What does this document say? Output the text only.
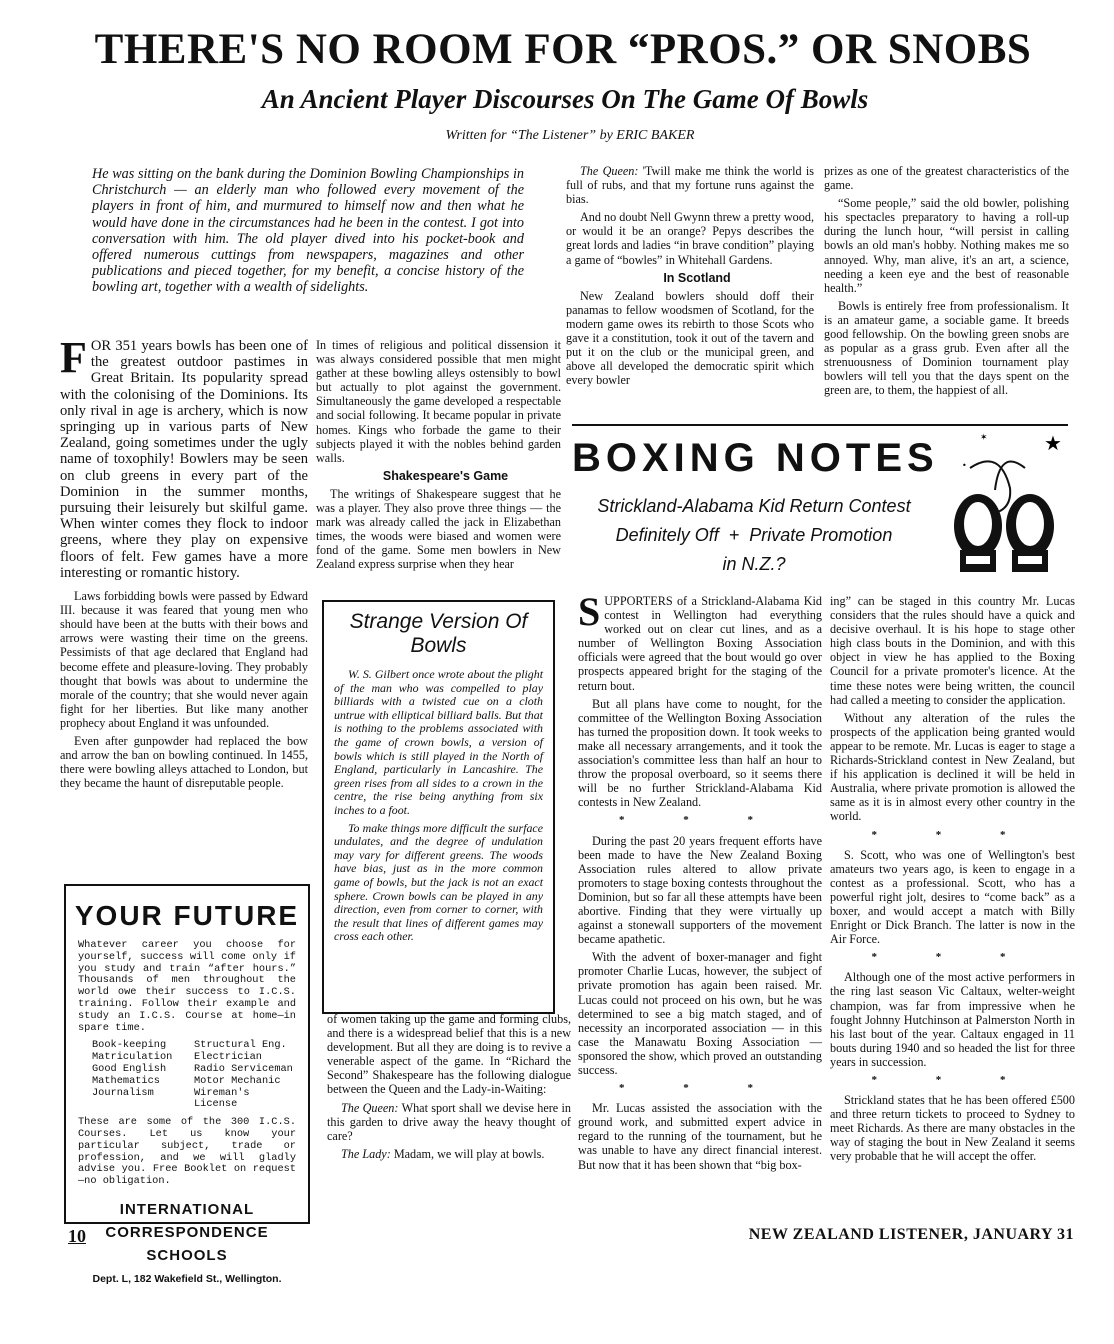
THERE'S NO ROOM FOR “PROS.” OR SNOBS
An Ancient Player Discourses On The Game Of Bowls
Written for “The Listener” by ERIC BAKER
He was sitting on the bank during the Dominion Bowling Championships in Christchurch — an elderly man who followed every movement of the players in front of him, and murmured to himself now and then what he would have done in the circumstances had he been in the contest. I got into conversation with him. The old player dived into his pocket-book and offered numerous cuttings from newspapers, magazines and other publications and pieced together, for my benefit, a concise history of the bowling art, together with a wealth of sidelights.

FOR 351 years bowls has been one of the greatest outdoor pastimes in Great Britain. Its popularity spread with the colonising of the Dominions. Its only rival in age is archery, which is now springing up in various parts of New Zealand, going sometimes under the ugly name of toxophily! Bowlers may be seen on club greens in every part of the Dominion in the summer months, pursuing their leisurely but skilful game. When winter comes they flock to indoor greens, where they play on expensive floors of felt. Few games have a more interesting or romantic history.

Laws forbidding bowls were passed by Edward III. because it was feared that young men who should have been at the butts with their bows and arrows were wasting their time on the greens. Pessimists of that age declared that England had become effete and pleasure-loving. They probably thought that bowls was about to undermine the morale of the country; that she would never again fight for her liberties. But like many another prophecy about England it was unfounded.

Even after gunpowder had replaced the bow and arrow the ban on bowling continued. In 1455, there were bowling alleys attached to London, but they became the haunt of disreputable people.

YOUR FUTURE
Whatever career you choose for yourself, success will come only if you study and train “after hours.” Thousands of men throughout the world owe their success to I.C.S. training. Follow their example and study an I.C.S. Course at home—in spare time.
Book-keeping	Structural Eng.
Matriculation	Electrician
Good English	Radio Serviceman
Mathematics	Motor Mechanic
Journalism	Wireman's License
These are some of the 300 I.C.S. Courses. Let us know your particular subject, trade or profession, and we will gladly advise you. Free Booklet on request—no obligation.
INTERNATIONAL
CORRESPONDENCE SCHOOLS
Dept. L, 182 Wakefield St., Wellington.

In times of religious and political dissension it was always considered possible that men might gather at these bowling alleys ostensibly to bowl but actually to plot against the government. Simultaneously the game developed a respectable and social following. It became popular in private homes. Kings who forbade the game to their subjects played it with the nobles behind garden walls.

Shakespeare's Game

The writings of Shakespeare suggest that he was a player. They also prove three things — the mark was already called the jack in Elizabethan times, the woods were biased and women were fond of the game. Some men bowlers in New Zealand express surprise when they hear

Strange Version Of Bowls

W. S. Gilbert once wrote about the plight of the man who was compelled to play billiards with a twisted cue on a cloth untrue with elliptical billiard balls. But that is nothing to the problems associated with the game of crown bowls, a version of bowls which is still played in the North of England, particularly in Lancashire. The green rises from all sides to a crown in the centre, the rise being anything from six inches to a foot.

To make things more difficult the surface undulates, and the degree of undulation may vary for different greens. The woods have bias, just as in the more common game of bowls, but the jack is not an exact sphere. Crown bowls can be played in any direction, even from corner to corner, with the result that lines of different games may cross each other.

of women taking up the game and forming clubs, and there is a widespread belief that this is a new development. But all they are doing is to revive a venerable aspect of the game. In “Richard the Second” Shakespeare has the following dialogue between the Queen and the Lady-in-Waiting:

The Queen: What sport shall we devise here in this garden to drive away the heavy thought of care?

The Lady: Madam, we will play at bowls.

The Queen: 'Twill make me think the world is full of rubs, and that my fortune runs against the bias.

And no doubt Nell Gwynn threw a pretty wood, or would it be an orange? Pepys describes the great lords and ladies “in brave condition” playing a game of “bowles” in Whitehall Gardens.

In Scotland

New Zealand bowlers should doff their panamas to fellow woodsmen of Scotland, for the modern game owes its rebirth to those Scots who gave it a constitution, took it out of the tavern and put it on the club or the municipal green, and above all developed the democratic spirit which every bowler

prizes as one of the greatest characteristics of the game.

“Some people,” said the old bowler, polishing his spectacles preparatory to having a roll-up during the lunch hour, “will persist in calling bowls an old man's hobby. Nothing makes me so annoyed. Why, man alive, it's an art, a science, needing a keen eye and the best of reasonable health.”

Bowls is entirely free from professionalism. It is an amateur game, a sociable game. It breeds good fellowship. On the bowling green snobs are as popular as a grass grub. Even after all the strenuousness of Dominion tournament play bowlers will tell you that the days spent on the green are, to them, the happiest of all.

BOXING NOTES
Strickland-Alabama Kid Return Contest
Definitely Off + Private Promotion
in N.Z.?
★
✶
•

SUPPORTERS of a Strickland-Alabama Kid contest in Wellington had everything worked out on clear cut lines, and as a number of Wellington Boxing Association officials were agreed that the bout would go over prospects appeared bright for the staging of the return bout.

But all plans have come to nought, for the committee of the Wellington Boxing Association has turned the proposition down. It took weeks to make all necessary arrangements, and it took the association's committee less than half an hour to throw the proposal overboard, so it seems there will be no further Strickland-Alabama Kid contests in New Zealand.

* * *

During the past 20 years frequent efforts have been made to have the New Zealand Boxing Association rules altered to allow private promoters to stage boxing contests throughout the Dominion, but so far all these attempts have been abortive. Finding that they were virtually up against a stonewall supporters of the movement became apathetic.

With the advent of boxer-manager and fight promoter Charlie Lucas, however, the subject of private promotion has again been raised. Mr. Lucas could not proceed on his own, but he was determined to see a big match staged, and of necessity an incorporated association — in this case the Manawatu Boxing Association — sponsored the show, which proved an outstanding success.

* * *

Mr. Lucas assisted the association with the ground work, and submitted expert advice in regard to the running of the tournament, but he was unable to have any direct financial interest. But now that it has been shown that “big box-

ing” can be staged in this country Mr. Lucas considers that the rules should have a quick and decisive overhaul. It is his hope to stage other high class bouts in the Dominion, and with this object in view he has applied to the Boxing Council for a private promoter's licence. At the time these notes were being written, the council had called a meeting to consider the application.

Without any alteration of the rules the prospects of the application being granted would appear to be remote. Mr. Lucas is eager to stage a Richards-Strickland contest in New Zealand, but if his application is declined it will be held in Australia, where private promotion is allowed the same as it is in almost every other country in the world.

* * *

S. Scott, who was one of Wellington's best amateurs two years ago, is keen to engage in a contest as a professional. Scott, who has a powerful right jolt, desires to “come back” as a boxer, and would accept a match with Billy Enright or Dick Branch. The latter is now in the Air Force.

* * *

Although one of the most active performers in the ring last season Vic Caltaux, welter-weight champion, was far from impressive when he fought Johnny Hutchinson at Palmerston North in his last bout of the year. Caltaux engaged in 11 bouts during 1940 and so headed the list for three years in succession.

* * *

Strickland states that he has been offered £500 and three return tickets to proceed to Sydney to meet Richards. As there are many obstacles in the way of staging the bout in New Zealand it seems very probable that he will accept the offer.

10	NEW ZEALAND LISTENER, JANUARY 31
